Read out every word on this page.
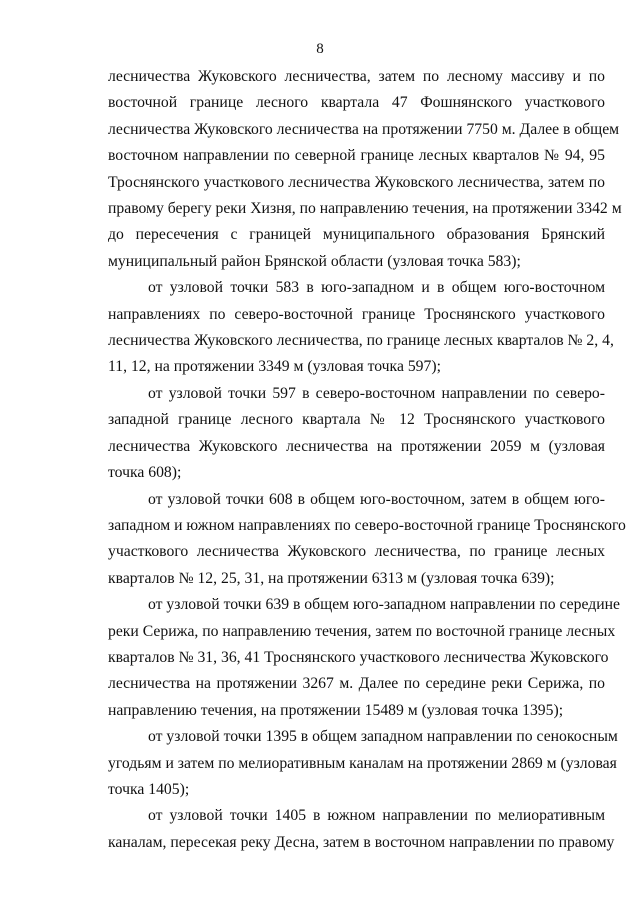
8
лесничества Жуковского лесничества, затем по лесному массиву и по
восточной границе лесного квартала 47 Фошнянского участкового
лесничества Жуковского лесничества на протяжении 7750 м. Далее в общем
восточном направлении по северной границе лесных кварталов № 94, 95
Троснянского участкового лесничества Жуковского лесничества, затем по
правому берегу реки Хизня, по направлению течения, на протяжении 3342 м
до пересечения с границей муниципального образования Брянский
муниципальный район Брянской области (узловая точка 583);
от узловой точки 583 в юго-западном и в общем юго-восточном
направлениях по северо-восточной границе Троснянского участкового
лесничества Жуковского лесничества, по границе лесных кварталов № 2, 4,
11, 12, на протяжении 3349 м (узловая точка 597);
от узловой точки 597 в северо-восточном направлении по северо-
западной границе лесного квартала № 12 Троснянского участкового
лесничества Жуковского лесничества на протяжении 2059 м (узловая
точка 608);
от узловой точки 608 в общем юго-восточном, затем в общем юго-
западном и южном направлениях по северо-восточной границе Троснянского
участкового лесничества Жуковского лесничества, по границе лесных
кварталов № 12, 25, 31, на протяжении 6313 м (узловая точка 639);
от узловой точки 639 в общем юго-западном направлении по середине
реки Серижа, по направлению течения, затем по восточной границе лесных
кварталов № 31, 36, 41 Троснянского участкового лесничества Жуковского
лесничества на протяжении 3267 м. Далее по середине реки Серижа, по
направлению течения, на протяжении 15489 м (узловая точка 1395);
от узловой точки 1395 в общем западном направлении по сенокосным
угодьям и затем по мелиоративным каналам на протяжении 2869 м (узловая
точка 1405);
от узловой точки 1405 в южном направлении по мелиоративным
каналам, пересекая реку Десна, затем в восточном направлении по правому
